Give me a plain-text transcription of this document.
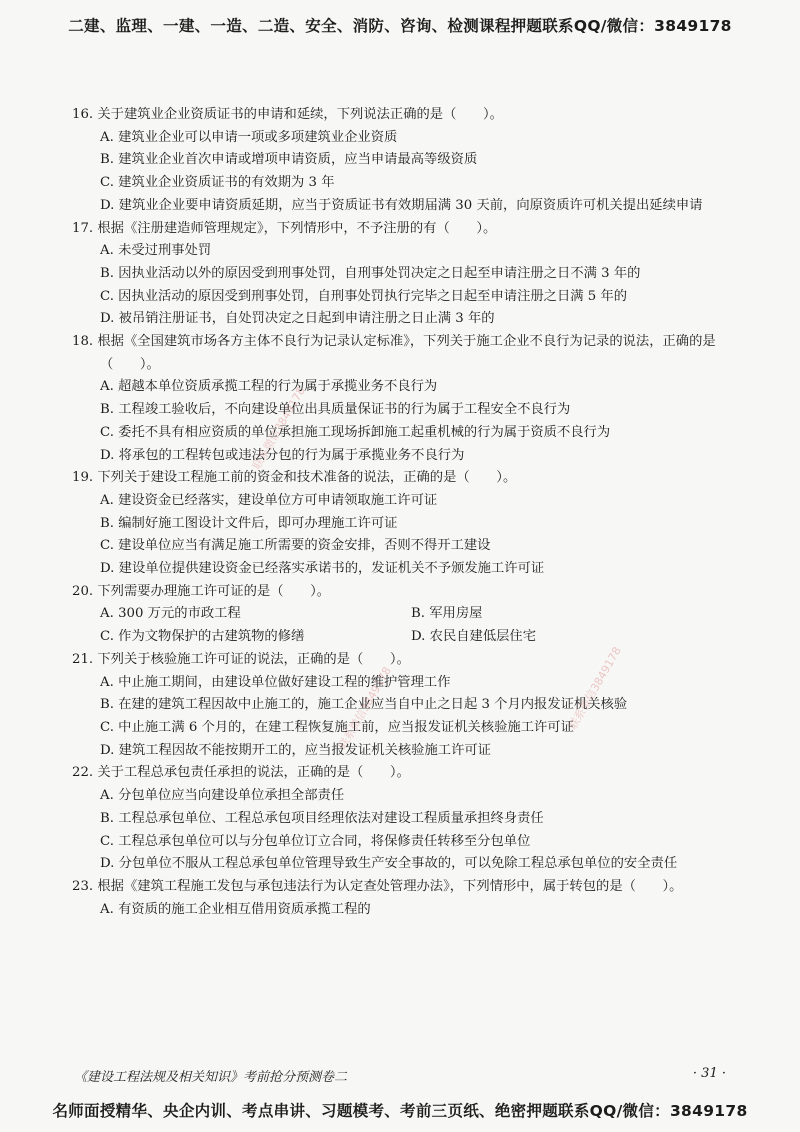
二建、监理、一建、一造、二造、安全、消防、咨询、检测课程押题联系QQ/微信：3849178
联系微信3849178
联系微信3849178
联系微信3849178
16. 关于建筑业企业资质证书的申请和延续，下列说法正确的是（　　）。
A. 建筑业企业可以申请一项或多项建筑业企业资质
B. 建筑业企业首次申请或增项申请资质，应当申请最高等级资质
C. 建筑业企业资质证书的有效期为 3 年
D. 建筑业企业要申请资质延期，应当于资质证书有效期届满 30 天前，向原资质许可机关提出延续申请
17. 根据《注册建造师管理规定》，下列情形中，不予注册的有（　　）。
A. 未受过刑事处罚
B. 因执业活动以外的原因受到刑事处罚，自刑事处罚决定之日起至申请注册之日不满 3 年的
C. 因执业活动的原因受到刑事处罚，自刑事处罚执行完毕之日起至申请注册之日满 5 年的
D. 被吊销注册证书，自处罚决定之日起到申请注册之日止满 3 年的
18. 根据《全国建筑市场各方主体不良行为记录认定标准》，下列关于施工企业不良行为记录的说法，正确的是（　　）。
A. 超越本单位资质承揽工程的行为属于承揽业务不良行为
B. 工程竣工验收后，不向建设单位出具质量保证书的行为属于工程安全不良行为
C. 委托不具有相应资质的单位承担施工现场拆卸施工起重机械的行为属于资质不良行为
D. 将承包的工程转包或违法分包的行为属于承揽业务不良行为
19. 下列关于建设工程施工前的资金和技术准备的说法，正确的是（　　）。
A. 建设资金已经落实，建设单位方可申请领取施工许可证
B. 编制好施工图设计文件后，即可办理施工许可证
C. 建设单位应当有满足施工所需要的资金安排，否则不得开工建设
D. 建设单位提供建设资金已经落实承诺书的，发证机关不予颁发施工许可证
20. 下列需要办理施工许可证的是（　　）。
A. 300 万元的市政工程	B. 军用房屋
C. 作为文物保护的古建筑物的修缮	D. 农民自建低层住宅
21. 下列关于核验施工许可证的说法，正确的是（　　）。
A. 中止施工期间，由建设单位做好建设工程的维护管理工作
B. 在建的建筑工程因故中止施工的，施工企业应当自中止之日起 3 个月内报发证机关核验
C. 中止施工满 6 个月的，在建工程恢复施工前，应当报发证机关核验施工许可证
D. 建筑工程因故不能按期开工的，应当报发证机关核验施工许可证
22. 关于工程总承包责任承担的说法，正确的是（　　）。
A. 分包单位应当向建设单位承担全部责任
B. 工程总承包单位、工程总承包项目经理依法对建设工程质量承担终身责任
C. 工程总承包单位可以与分包单位订立合同，将保修责任转移至分包单位
D. 分包单位不服从工程总承包单位管理导致生产安全事故的，可以免除工程总承包单位的安全责任
23. 根据《建筑工程施工发包与承包违法行为认定查处管理办法》，下列情形中，属于转包的是（　　）。
A. 有资质的施工企业相互借用资质承揽工程的
《建设工程法规及相关知识》考前抢分预测卷二	· 31 ·
名师面授精华、央企内训、考点串讲、习题模考、考前三页纸、绝密押题联系QQ/微信：3849178
